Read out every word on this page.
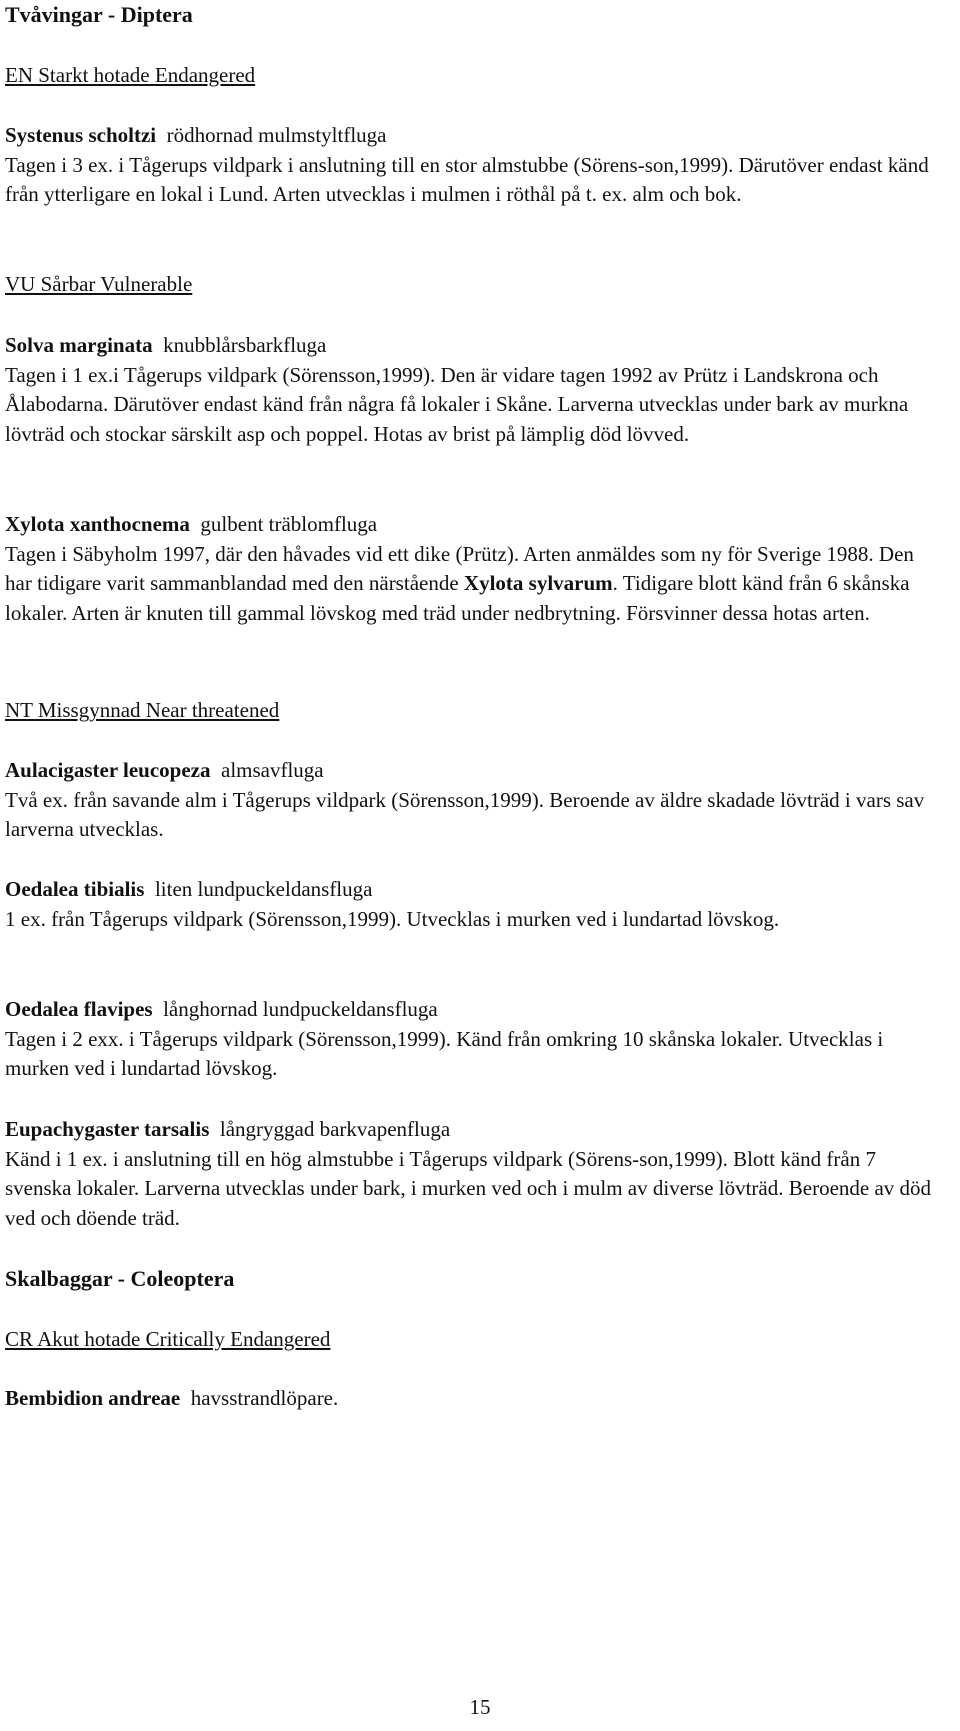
Tvåvingar - Diptera
EN Starkt hotade Endangered
Systenus scholtzi rödhornad mulmstyltfluga
Tagen i 3 ex. i Tågerups vildpark i anslutning till en stor almstubbe (Sörens-son,1999). Därutöver endast känd från ytterligare en lokal i Lund. Arten utvecklas i mulmen i röthål på t. ex. alm och bok.
VU Sårbar Vulnerable
Solva marginata knubblårsbarkfluga
Tagen i 1 ex.i Tågerups vildpark (Sörensson,1999). Den är vidare tagen 1992 av Prütz i Landskrona och Ålabodarna. Därutöver endast känd från några få lokaler i Skåne. Larverna utvecklas under bark av murkna lövträd och stockar särskilt asp och poppel. Hotas av brist på lämplig död lövved.
Xylota xanthocnema gulbent träblomfluga
Tagen i Säbyholm 1997, där den håvades vid ett dike (Prütz). Arten anmäldes som ny för Sverige 1988. Den har tidigare varit sammanblandad med den närstående Xylota sylvarum. Tidigare blott känd från 6 skånska lokaler. Arten är knuten till gammal lövskog med träd under nedbrytning. Försvinner dessa hotas arten.
NT Missgynnad Near threatened
Aulacigaster leucopeza almsavfluga
Två ex. från savande alm i Tågerups vildpark (Sörensson,1999). Beroende av äldre skadade lövträd i vars sav larverna utvecklas.
Oedalea tibialis liten lundpuckeldansfluga
1 ex. från Tågerups vildpark (Sörensson,1999). Utvecklas i murken ved i lundartad lövskog.
Oedalea flavipes långhornad lundpuckeldansfluga
Tagen i 2 exx. i Tågerups vildpark (Sörensson,1999). Känd från omkring 10 skånska lokaler. Utvecklas i murken ved i lundartad lövskog.
Eupachygaster tarsalis långryggad barkvapenfluga
Känd i 1 ex. i anslutning till en hög almstubbe i Tågerups vildpark (Sörens-son,1999). Blott känd från 7 svenska lokaler. Larverna utvecklas under bark, i murken ved och i mulm av diverse lövträd. Beroende av död ved och döende träd.
Skalbaggar - Coleoptera
CR Akut hotade Critically Endangered
Bembidion andreae havsstrandlöpare.
15
